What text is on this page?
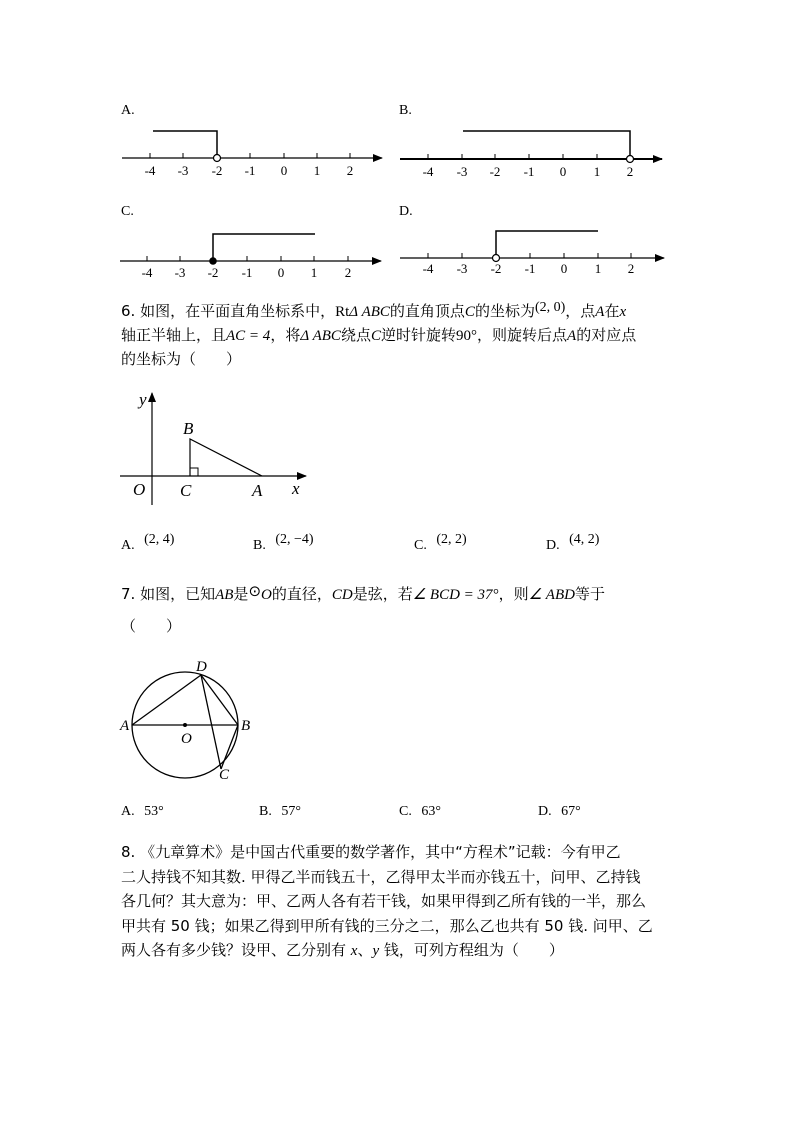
A.	B.
C.	D.
-4 -3 -2 -1 0 1 2	-4 -3 -2 -1 0 1 2
-4 -3 -2 -1 0 1 2	-4 -3 -2 -1 0 1 2
6. 如图，在平面直角坐标系中，RtΔ ABC的直角顶点C的坐标为(2, 0)，点A在x
轴正半轴上，且AC = 4，将Δ ABC绕点C逆时针旋转90°，则旋转后点A的对应点
的坐标为（　　）
y
B
O C	A x
A. (2, 4)	B. (2, −4)	C. (2, 2)	D. (4, 2)
7. 如图，已知AB是⊙O的直径，CD是弦，若∠ BCD = 37°，则∠ ABD等于
（　　）
D
A
O
B
C
A. 53°	B. 57°	C. 63°	D. 67°
8. 《九章算术》是中国古代重要的数学著作，其中“方程术”记载：今有甲乙
二人持钱不知其数. 甲得乙半而钱五十，乙得甲太半而亦钱五十，问甲、乙持钱
各几何？其大意为：甲、乙两人各有若干钱，如果甲得到乙所有钱的一半，那么
甲共有 50 钱；如果乙得到甲所有钱的三分之二，那么乙也共有 50 钱. 问甲、乙
两人各有多少钱？设甲、乙分别有 x、y 钱，可列方程组为（　　）
